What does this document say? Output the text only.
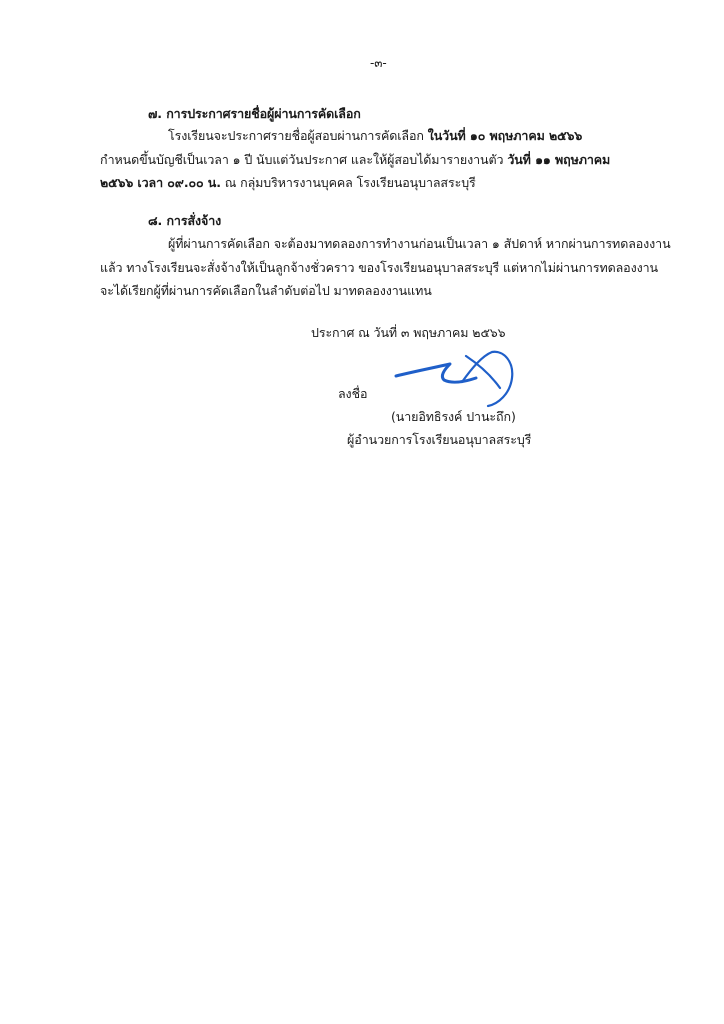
-๓-
๗. การประกาศรายชื่อผู้ผ่านการคัดเลือก
โรงเรียนจะประกาศรายชื่อผู้สอบผ่านการคัดเลือก ในวันที่ ๑๐ พฤษภาคม ๒๕๖๖
กำหนดขึ้นบัญชีเป็นเวลา ๑ ปี นับแต่วันประกาศ และให้ผู้สอบได้มารายงานตัว วันที่ ๑๑ พฤษภาคม
๒๕๖๖ เวลา ๐๙.๐๐ น. ณ กลุ่มบริหารงานบุคคล โรงเรียนอนุบาลสระบุรี
๘. การสั่งจ้าง
ผู้ที่ผ่านการคัดเลือก จะต้องมาทดลองการทำงานก่อนเป็นเวลา ๑ สัปดาห์ หากผ่านการทดลองงาน
แล้ว ทางโรงเรียนจะสั่งจ้างให้เป็นลูกจ้างชั่วคราว ของโรงเรียนอนุบาลสระบุรี แต่หากไม่ผ่านการทดลองงาน
จะได้เรียกผู้ที่ผ่านการคัดเลือกในลำดับต่อไป มาทดลองงานแทน
ประกาศ ณ วันที่ ๓ พฤษภาคม ๒๕๖๖
ลงชื่อ
(นายอิทธิรงค์ ปานะถึก)
ผู้อำนวยการโรงเรียนอนุบาลสระบุรี
